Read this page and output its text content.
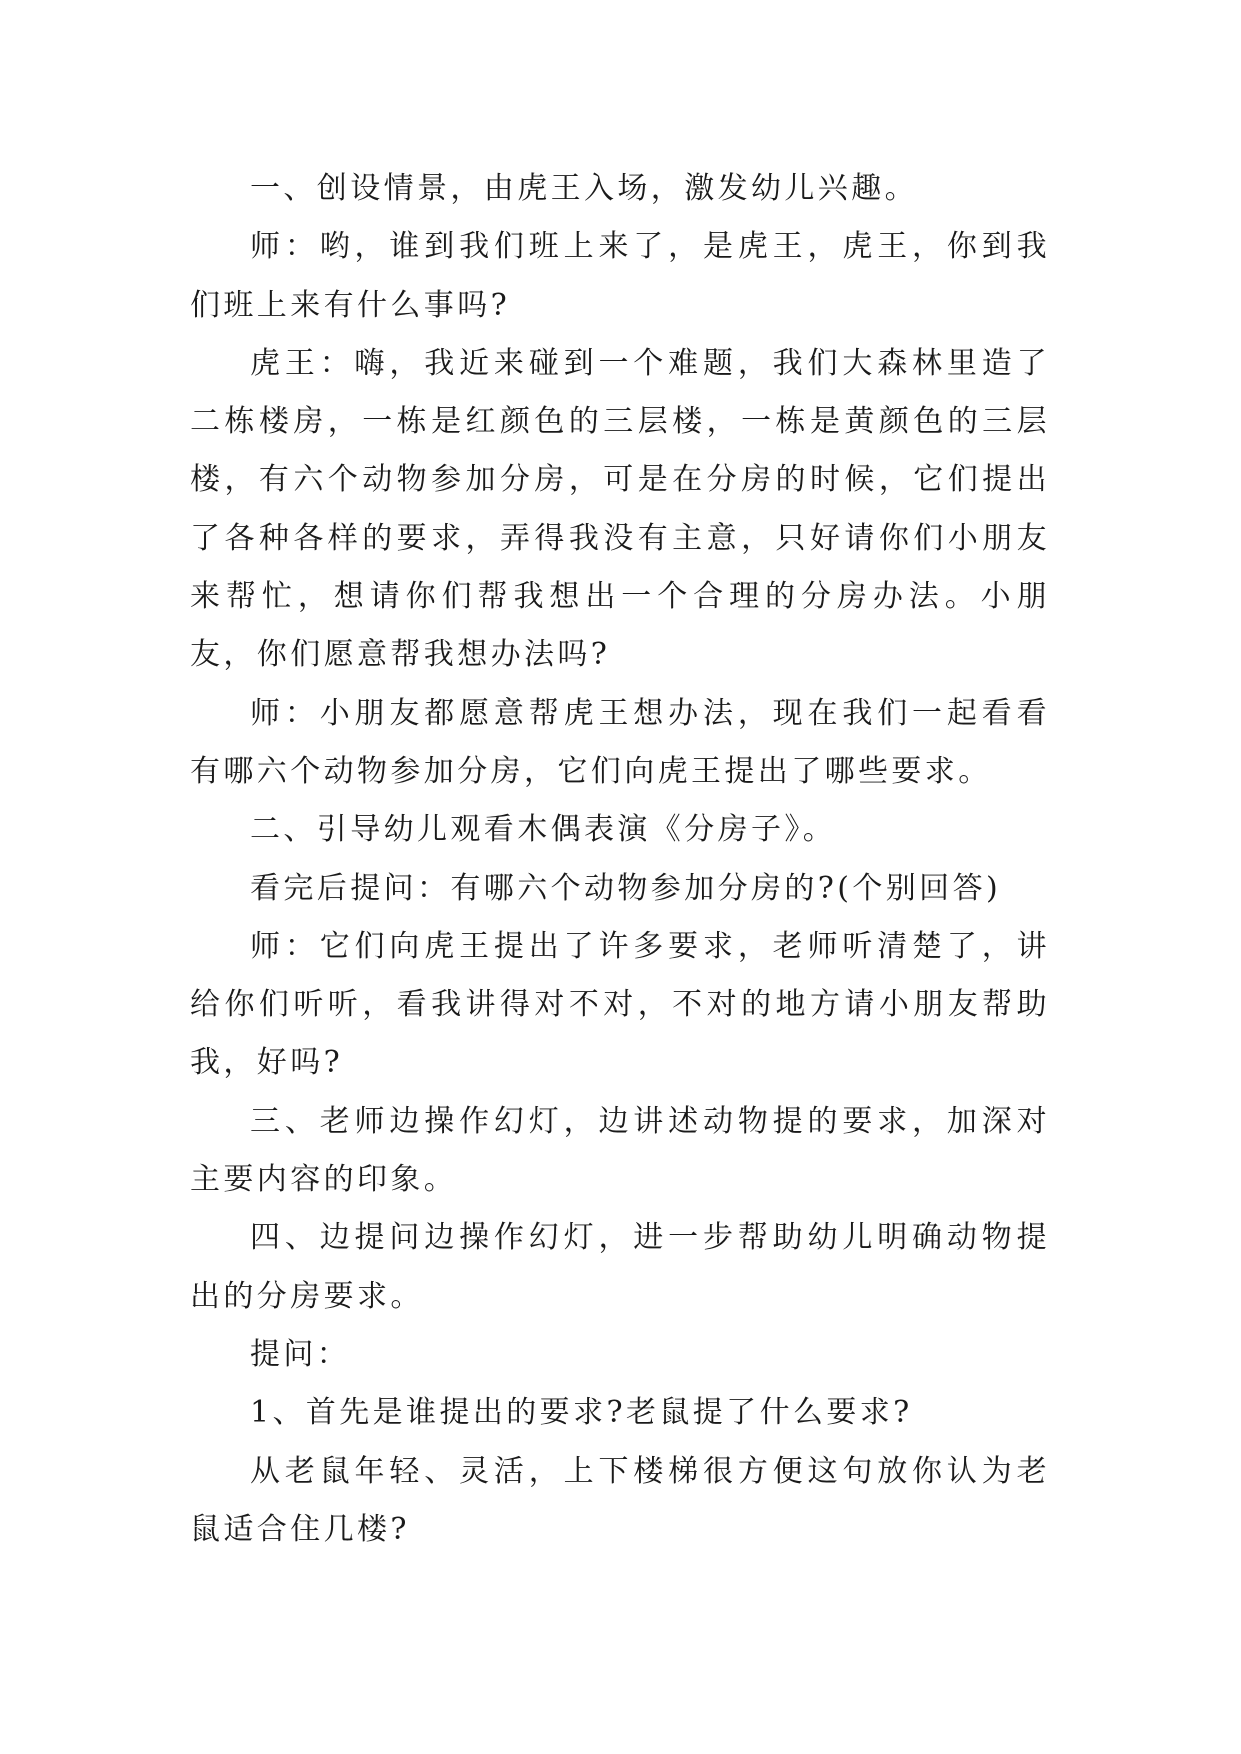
一、创设情景，由虎王入场，激发幼儿兴趣。

师：哟，谁到我们班上来了，是虎王，虎王，你到我们班上来有什么事吗?

虎王：嗨，我近来碰到一个难题，我们大森林里造了二栋楼房，一栋是红颜色的三层楼，一栋是黄颜色的三层楼，有六个动物参加分房，可是在分房的时候，它们提出了各种各样的要求，弄得我没有主意，只好请你们小朋友来帮忙，想请你们帮我想出一个合理的分房办法。小朋友，你们愿意帮我想办法吗?

师：小朋友都愿意帮虎王想办法，现在我们一起看看有哪六个动物参加分房，它们向虎王提出了哪些要求。

二、引导幼儿观看木偶表演《分房子》。

看完后提问：有哪六个动物参加分房的?(个别回答)

师：它们向虎王提出了许多要求，老师听清楚了，讲给你们听听，看我讲得对不对，不对的地方请小朋友帮助我，好吗?

三、老师边操作幻灯，边讲述动物提的要求，加深对主要内容的印象。

四、边提问边操作幻灯，进一步帮助幼儿明确动物提出的分房要求。

提问：

1、首先是谁提出的要求?老鼠提了什么要求?

从老鼠年轻、灵活，上下楼梯很方便这句放你认为老鼠适合住几楼?
